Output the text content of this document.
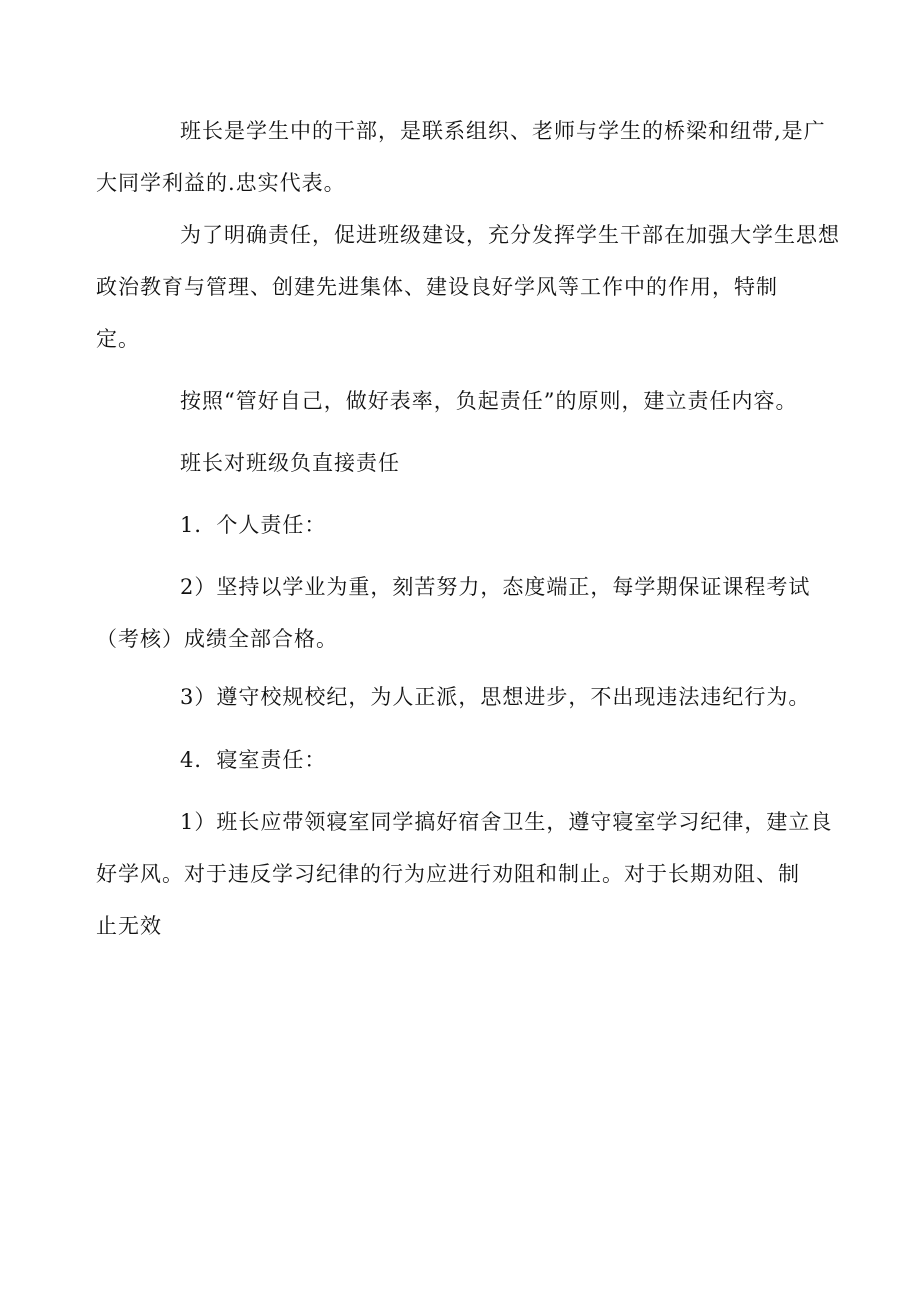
班长是学生中的干部，是联系组织、老师与学生的桥梁和纽带,是广
大同学利益的.忠实代表。

为了明确责任，促进班级建设，充分发挥学生干部在加强大学生思想
政治教育与管理、创建先进集体、建设良好学风等工作中的作用，特制
定。

按照“管好自己，做好表率，负起责任”的原则，建立责任内容。

班长对班级负直接责任

1．个人责任：

2）坚持以学业为重，刻苦努力，态度端正，每学期保证课程考试
（考核）成绩全部合格。

3）遵守校规校纪，为人正派，思想进步，不出现违法违纪行为。

4．寝室责任：

1）班长应带领寝室同学搞好宿舍卫生，遵守寝室学习纪律，建立良
好学风。对于违反学习纪律的行为应进行劝阻和制止。对于长期劝阻、制
止无效
